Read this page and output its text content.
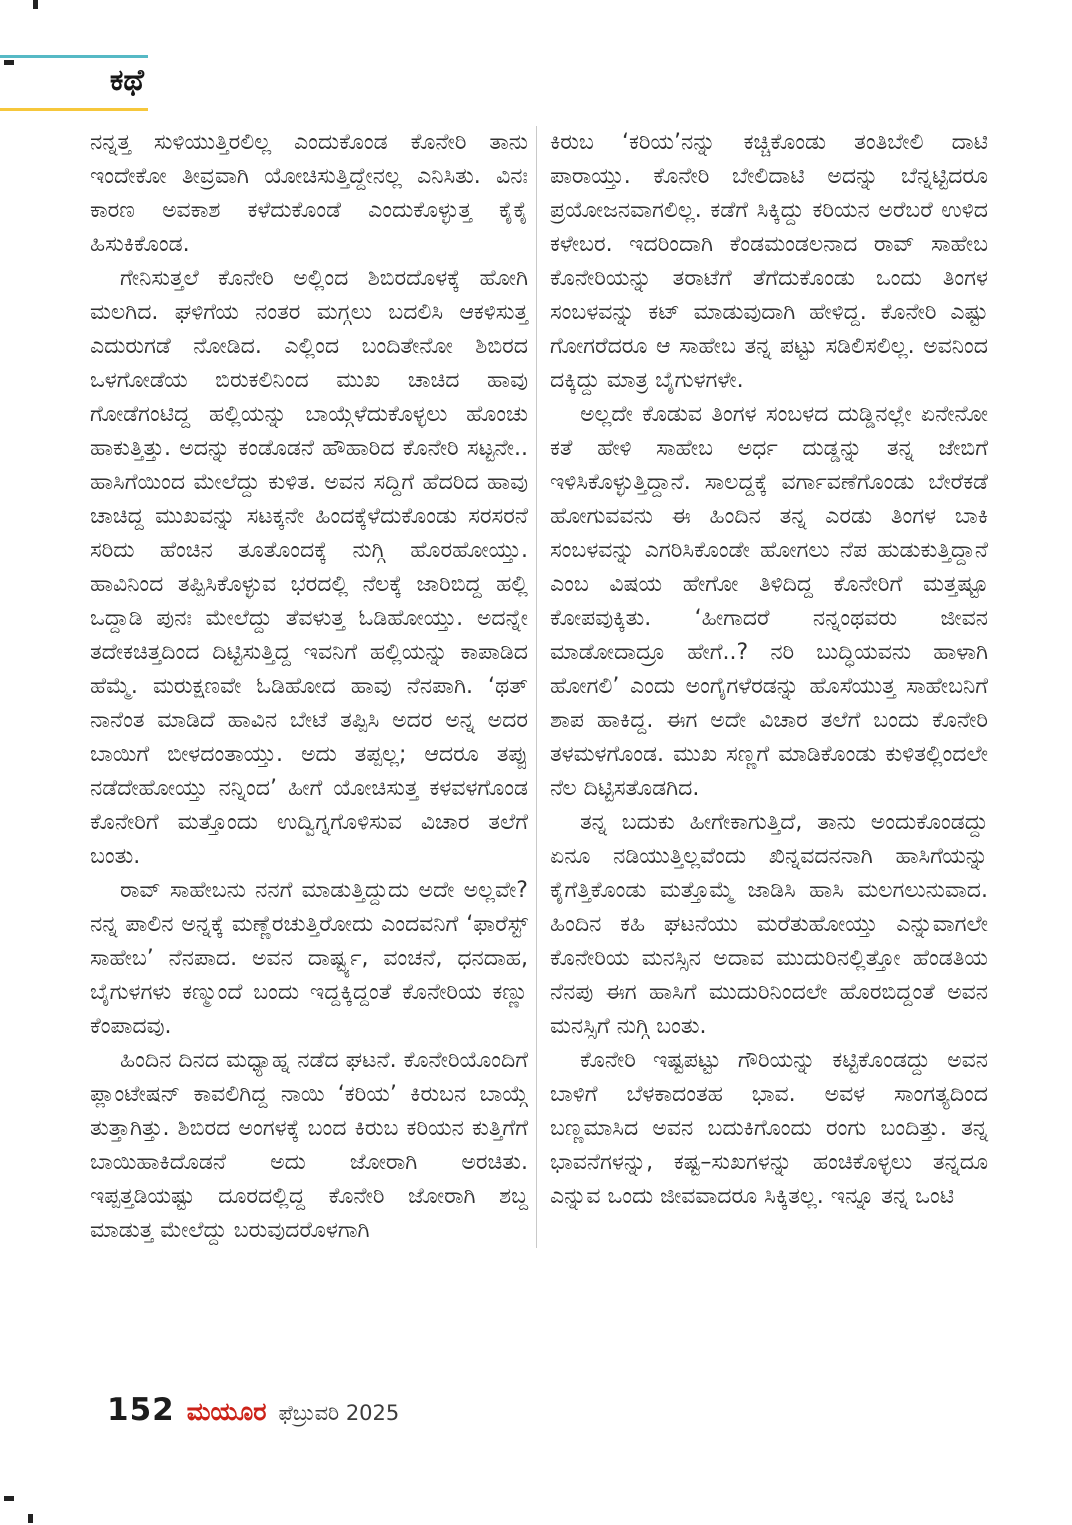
ಕಥೆ

ನನ್ನತ್ತ ಸುಳಿಯುತ್ತಿರಲಿಲ್ಲ ಎಂದುಕೊಂಡ ಕೊನೇರಿ ತಾನು ಇಂದೇಕೋ ತೀವ್ರವಾಗಿ ಯೋಚಿಸುತ್ತಿದ್ದೇನಲ್ಲ ಎನಿಸಿತು. ವಿನಃ ಕಾರಣ ಅವಕಾಶ ಕಳೆದುಕೊಂಡೆ ಎಂದುಕೊಳ್ಳುತ್ತ ಕೈಕೈ ಹಿಸುಕಿಕೊಂಡ.

ಗೇನಿಸುತ್ತಲೆ ಕೊನೇರಿ ಅಲ್ಲಿಂದ ಶಿಬಿರದೊಳಕ್ಕೆ ಹೋಗಿ ಮಲಗಿದ. ಘಳಿಗೆಯ ನಂತರ ಮಗ್ಗಲು ಬದಲಿಸಿ ಆಕಳಿಸುತ್ತ ಎದುರುಗಡೆ ನೋಡಿದ. ಎಲ್ಲಿಂದ ಬಂದಿತೇನೋ ಶಿಬಿರದ ಒಳಗೋಡೆಯ ಬಿರುಕಲಿನಿಂದ ಮುಖ ಚಾಚಿದ ಹಾವು ಗೋಡೆಗಂಟಿದ್ದ ಹಲ್ಲಿಯನ್ನು ಬಾಯ್ಗೆಳೆದುಕೊಳ್ಳಲು ಹೊಂಚು ಹಾಕುತ್ತಿತ್ತು. ಅದನ್ನು ಕಂಡೊಡನೆ ಹೌಹಾರಿದ ಕೊನೇರಿ ಸಟ್ಟನೇ.. ಹಾಸಿಗೆಯಿಂದ ಮೇಲೆದ್ದು ಕುಳಿತ. ಅವನ ಸದ್ದಿಗೆ ಹೆದರಿದ ಹಾವು ಚಾಚಿದ್ದ ಮುಖವನ್ನು ಸಟಕ್ಕನೇ ಹಿಂದಕ್ಕೆಳೆದುಕೊಂಡು ಸರಸರನೆ ಸರಿದು ಹೆಂಚಿನ ತೂತೊಂದಕ್ಕೆ ನುಗ್ಗಿ ಹೊರಹೋಯ್ತು. ಹಾವಿನಿಂದ ತಪ್ಪಿಸಿಕೊಳ್ಳುವ ಭರದಲ್ಲಿ ನೆಲಕ್ಕೆ ಜಾರಿಬಿದ್ದ ಹಲ್ಲಿ ಒದ್ದಾಡಿ ಪುನಃ ಮೇಲೆದ್ದು ತೆವಳುತ್ತ ಓಡಿಹೋಯ್ತು. ಅದನ್ನೇ ತದೇಕಚಿತ್ತದಿಂದ ದಿಟ್ಟಿಸುತ್ತಿದ್ದ ಇವನಿಗೆ ಹಲ್ಲಿಯನ್ನು ಕಾಪಾಡಿದ ಹೆಮ್ಮೆ. ಮರುಕ್ಷಣವೇ ಓಡಿಹೋದ ಹಾವು ನೆನಪಾಗಿ. ‘ಥತ್ ನಾನೆಂತ ಮಾಡಿದೆ ಹಾವಿನ ಬೇಟೆ ತಪ್ಪಿಸಿ ಅದರ ಅನ್ನ ಅದರ ಬಾಯಿಗೆ ಬೀಳದಂತಾಯ್ತು. ಅದು ತಪ್ಪಲ್ಲ; ಆದರೂ ತಪ್ಪು ನಡೆದೇಹೋಯ್ತು ನನ್ನಿಂದ’ ಹೀಗೆ ಯೋಚಿಸುತ್ತ ಕಳವಳಗೊಂಡ ಕೊನೇರಿಗೆ ಮತ್ತೊಂದು ಉದ್ವಿಗ್ನಗೊಳಿಸುವ ವಿಚಾರ ತಲೆಗೆ ಬಂತು.

ರಾವ್ ಸಾಹೇಬನು ನನಗೆ ಮಾಡುತ್ತಿದ್ದುದು ಅದೇ ಅಲ್ಲವೇ? ನನ್ನ ಪಾಲಿನ ಅನ್ನಕ್ಕೆ ಮಣ್ಣೆರಚುತ್ತಿರೋದು ಎಂದವನಿಗೆ ‘ಫಾರೆಸ್ಟ್ ಸಾಹೇಬ’ ನೆನಪಾದ. ಅವನ ದಾರ್ಷ್ಟ್ಯ, ವಂಚನೆ, ಧನದಾಹ, ಬೈಗುಳಗಳು ಕಣ್ಮುಂದೆ ಬಂದು ಇದ್ದಕ್ಕಿದ್ದಂತೆ ಕೊನೇರಿಯ ಕಣ್ಣು ಕೆಂಪಾದವು.

ಹಿಂದಿನ ದಿನದ ಮಧ್ಯಾಹ್ನ ನಡೆದ ಘಟನೆ. ಕೊನೇರಿಯೊಂದಿಗೆ ಪ್ಲಾಂಟೇಷನ್ ಕಾವಲಿಗಿದ್ದ ನಾಯಿ ‘ಕರಿಯ’ ಕಿರುಬನ ಬಾಯ್ಗೆ ತುತ್ತಾಗಿತ್ತು. ಶಿಬಿರದ ಅಂಗಳಕ್ಕೆ ಬಂದ ಕಿರುಬ ಕರಿಯನ ಕುತ್ತಿಗೆಗೆ ಬಾಯಿಹಾಕಿದೊಡನೆ ಅದು ಜೋರಾಗಿ ಅರಚಿತು. ಇಪ್ಪತ್ತಡಿಯಷ್ಟು ದೂರದಲ್ಲಿದ್ದ ಕೊನೇರಿ ಜೋರಾಗಿ ಶಬ್ದ ಮಾಡುತ್ತ ಮೇಲೆದ್ದು ಬರುವುದರೊಳಗಾಗಿ

ಕಿರುಬ ‘ಕರಿಯ’ನನ್ನು ಕಚ್ಚಿಕೊಂಡು ತಂತಿಬೇಲಿ ದಾಟಿ ಪಾರಾಯ್ತು. ಕೊನೇರಿ ಬೇಲಿದಾಟಿ ಅದನ್ನು ಬೆನ್ನಟ್ಟಿದರೂ ಪ್ರಯೋಜನವಾಗಲಿಲ್ಲ. ಕಡೆಗೆ ಸಿಕ್ಕಿದ್ದು ಕರಿಯನ ಅರೆಬರೆ ಉಳಿದ ಕಳೇಬರ. ಇದರಿಂದಾಗಿ ಕೆಂಡಮಂಡಲನಾದ ರಾವ್ ಸಾಹೇಬ ಕೊನೇರಿಯನ್ನು ತರಾಟೆಗೆ ತೆಗೆದುಕೊಂಡು ಒಂದು ತಿಂಗಳ ಸಂಬಳವನ್ನು ಕಟ್ ಮಾಡುವುದಾಗಿ ಹೇಳಿದ್ದ. ಕೊನೇರಿ ಎಷ್ಟು ಗೋಗರೆದರೂ ಆ ಸಾಹೇಬ ತನ್ನ ಪಟ್ಟು ಸಡಿಲಿಸಲಿಲ್ಲ. ಅವನಿಂದ ದಕ್ಕಿದ್ದು ಮಾತ್ರ ಬೈಗುಳಗಳೇ.

ಅಲ್ಲದೇ ಕೊಡುವ ತಿಂಗಳ ಸಂಬಳದ ದುಡ್ಡಿನಲ್ಲೇ ಏನೇನೋ ಕತೆ ಹೇಳಿ ಸಾಹೇಬ ಅರ್ಧ ದುಡ್ಡನ್ನು ತನ್ನ ಜೇಬಿಗೆ ಇಳಿಸಿಕೊಳ್ಳುತ್ತಿದ್ದಾನೆ. ಸಾಲದ್ದಕ್ಕೆ ವರ್ಗಾವಣೆಗೊಂಡು ಬೇರೆಕಡೆ ಹೋಗುವವನು ಈ ಹಿಂದಿನ ತನ್ನ ಎರಡು ತಿಂಗಳ ಬಾಕಿ ಸಂಬಳವನ್ನು ಎಗರಿಸಿಕೊಂಡೇ ಹೋಗಲು ನೆಪ ಹುಡುಕುತ್ತಿದ್ದಾನೆ ಎಂಬ ವಿಷಯ ಹೇಗೋ ತಿಳಿದಿದ್ದ ಕೊನೇರಿಗೆ ಮತ್ತಷ್ಟೂ ಕೋಪವುಕ್ಕಿತು. ‘ಹೀಗಾದರೆ ನನ್ನಂಥವರು ಜೀವನ ಮಾಡೋದಾದ್ರೂ ಹೇಗೆ..? ನರಿ ಬುದ್ಧಿಯವನು ಹಾಳಾಗಿ ಹೋಗಲಿ’ ಎಂದು ಅಂಗೈಗಳೆರಡನ್ನು ಹೊಸೆಯುತ್ತ ಸಾಹೇಬನಿಗೆ ಶಾಪ ಹಾಕಿದ್ದ. ಈಗ ಅದೇ ವಿಚಾರ ತಲೆಗೆ ಬಂದು ಕೊನೇರಿ ತಳಮಳಗೊಂಡ. ಮುಖ ಸಣ್ಣಗೆ ಮಾಡಿಕೊಂಡು ಕುಳಿತಲ್ಲಿಂದಲೇ ನೆಲ ದಿಟ್ಟಿಸತೊಡಗಿದ.

ತನ್ನ ಬದುಕು ಹೀಗೇಕಾಗುತ್ತಿದೆ, ತಾನು ಅಂದುಕೊಂಡದ್ದು ಏನೂ ನಡಿಯುತ್ತಿಲ್ಲವೆಂದು ಖಿನ್ನವದನನಾಗಿ ಹಾಸಿಗೆಯನ್ನು ಕೈಗೆತ್ತಿಕೊಂಡು ಮತ್ತೊಮ್ಮೆ ಜಾಡಿಸಿ ಹಾಸಿ ಮಲಗಲುನುವಾದ. ಹಿಂದಿನ ಕಹಿ ಘಟನೆಯು ಮರೆತುಹೋಯ್ತು ಎನ್ನುವಾಗಲೇ ಕೊನೇರಿಯ ಮನಸ್ಸಿನ ಅದಾವ ಮುದುರಿನಲ್ಲಿತ್ತೋ ಹೆಂಡತಿಯ ನೆನಪು ಈಗ ಹಾಸಿಗೆ ಮುದುರಿನಿಂದಲೇ ಹೊರಬಿದ್ದಂತೆ ಅವನ ಮನಸ್ಸಿಗೆ ನುಗ್ಗಿ ಬಂತು.

ಕೊನೇರಿ ಇಷ್ಟಪಟ್ಟು ಗೌರಿಯನ್ನು ಕಟ್ಟಿಕೊಂಡದ್ದು ಅವನ ಬಾಳಿಗೆ ಬೆಳಕಾದಂತಹ ಭಾವ. ಅವಳ ಸಾಂಗತ್ಯದಿಂದ ಬಣ್ಣಮಾಸಿದ ಅವನ ಬದುಕಿಗೊಂದು ರಂಗು ಬಂದಿತ್ತು. ತನ್ನ ಭಾವನೆಗಳನ್ನು, ಕಷ್ಟ–ಸುಖಗಳನ್ನು ಹಂಚಿಕೊಳ್ಳಲು ತನ್ನದೂ ಎನ್ನುವ ಒಂದು ಜೀವವಾದರೂ ಸಿಕ್ಕಿತಲ್ಲ. ಇನ್ನೂ ತನ್ನ ಒಂಟಿ

152 ಮಯೂರ ಫೆಬ್ರುವರಿ 2025
